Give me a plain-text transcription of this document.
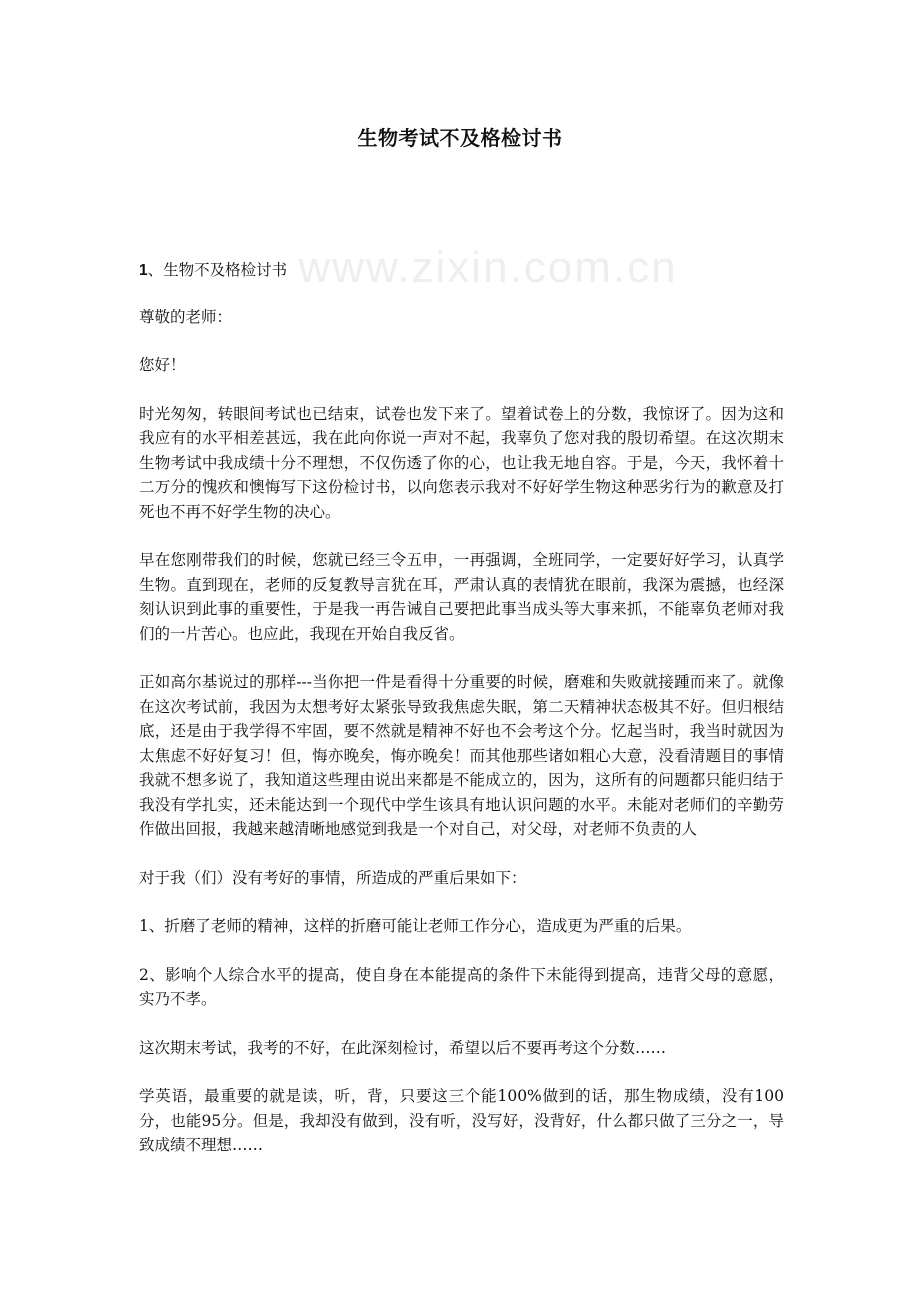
生物考试不及格检讨书
www.zixin.com.cn

1、生物不及格检讨书

尊敬的老师：

您好！

时光匆匆，转眼间考试也已结束，试卷也发下来了。望着试卷上的分数，我惊讶了。因为这和我应有的水平相差甚远，我在此向你说一声对不起，我辜负了您对我的殷切希望。在这次期末生物考试中我成绩十分不理想，不仅伤透了你的心，也让我无地自容。于是，今天，我怀着十二万分的愧疚和懊悔写下这份检讨书，以向您表示我对不好好学生物这种恶劣行为的歉意及打死也不再不好学生物的决心。

早在您刚带我们的时候，您就已经三令五申，一再强调，全班同学，一定要好好学习，认真学生物。直到现在，老师的反复教导言犹在耳，严肃认真的表情犹在眼前，我深为震撼，也经深刻认识到此事的重要性，于是我一再告诫自己要把此事当成头等大事来抓，不能辜负老师对我们的一片苦心。也应此，我现在开始自我反省。

正如高尔基说过的那样---当你把一件是看得十分重要的时候，磨难和失败就接踵而来了。就像在这次考试前，我因为太想考好太紧张导致我焦虑失眠，第二天精神状态极其不好。但归根结底，还是由于我学得不牢固，要不然就是精神不好也不会考这个分。忆起当时，我当时就因为太焦虑不好好复习！但，悔亦晚矣，悔亦晚矣！而其他那些诸如粗心大意，没看清题目的事情我就不想多说了，我知道这些理由说出来都是不能成立的，因为，这所有的问题都只能归结于我没有学扎实，还未能达到一个现代中学生该具有地认识问题的水平。未能对老师们的辛勤劳作做出回报，我越来越清晰地感觉到我是一个对自己，对父母，对老师不负责的人

对于我（们）没有考好的事情，所造成的严重后果如下：

1、折磨了老师的精神，这样的折磨可能让老师工作分心，造成更为严重的后果。

2、影响个人综合水平的提高，使自身在本能提高的条件下未能得到提高，违背父母的意愿，实乃不孝。

这次期末考试，我考的不好，在此深刻检讨，希望以后不要再考这个分数……

学英语，最重要的就是读，听，背，只要这三个能100%做到的话，那生物成绩，没有100分，也能95分。但是，我却没有做到，没有听，没写好，没背好，什么都只做了三分之一，导致成绩不理想……
